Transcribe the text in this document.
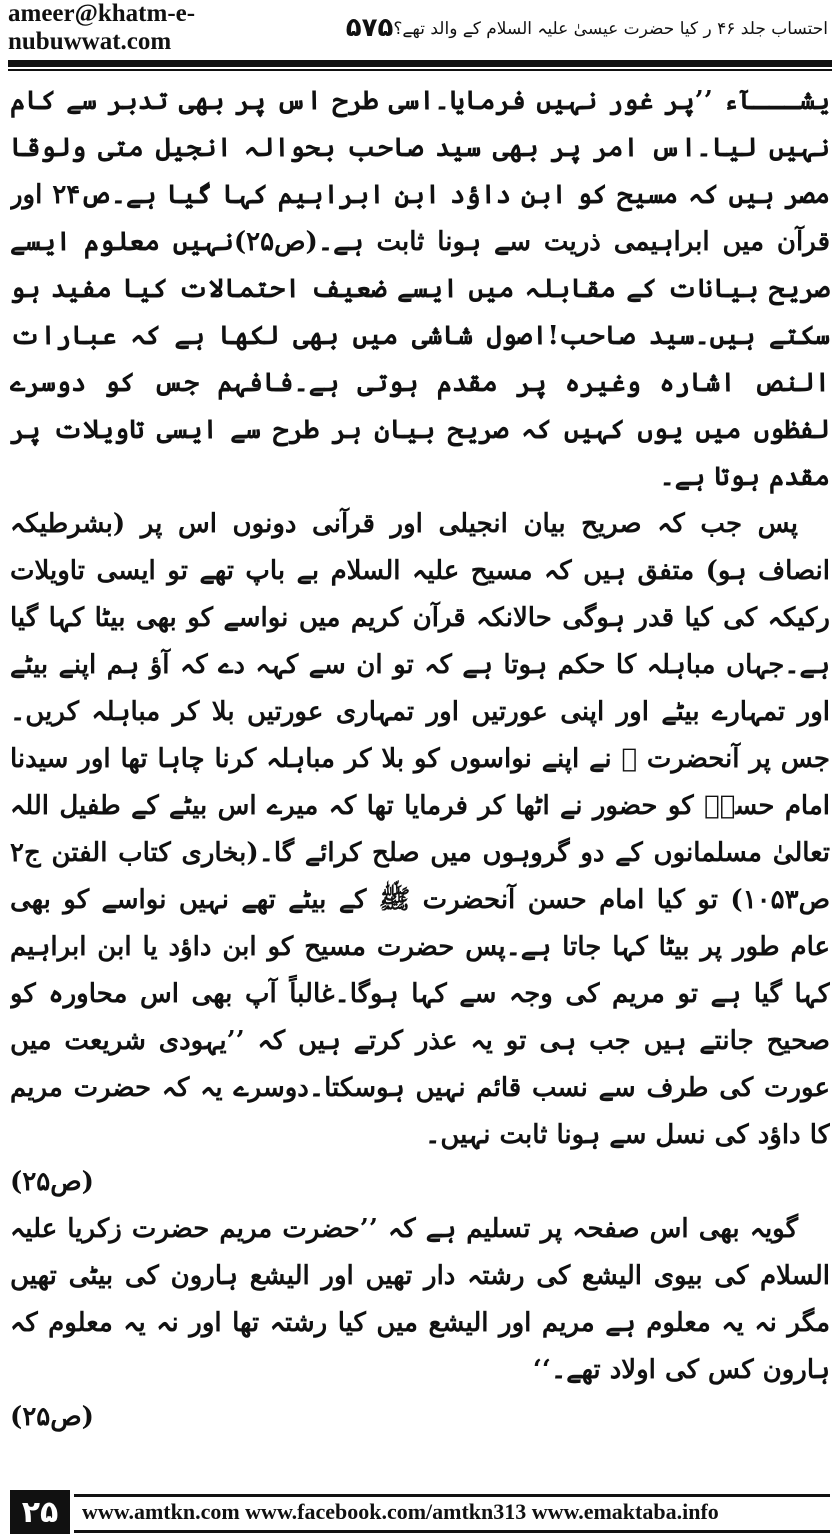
ameer@khatm-e-nubuwwat.com	۵۷۵ احتساب جلد ۴۶ ر کیا حضرت عیسیٰ علیہ السلام کے والد تھے؟

یشـــآء ’’پر غور نہیں فرمایا۔اسی طرح اس پر بھی تدبر سے کام نہیں لیا۔اس امر پر بھی سید صاحب بحوالہ انجیل متی ولوقا مصر ہیں کہ مسیح کو ابن داؤد ابن ابراہیم کہا گیا ہے۔ص۲۴ اور قرآن میں ابراہیمی ذریت سے ہونا ثابت ہے۔(ص۲۵)نہیں معلوم ایسے صریح بیانات کے مقابلہ میں ایسے ضعیف احتمالات کیا مفید ہو سکتے ہیں۔سید صاحب!اصول شاشی میں بھی لکھا ہے کہ عبارات النص اشارہ وغیرہ پر مقدم ہوتی ہے۔فافہم جس کو دوسرے لفظوں میں یوں کہیں کہ صریح بیان ہر طرح سے ایسی تاویلات پر مقدم ہوتا ہے۔

پس جب کہ صریح بیان انجیلی اور قرآنی دونوں اس پر (بشرطیکہ انصاف ہو) متفق ہیں کہ مسیح علیہ السلام بے باپ تھے تو ایسی تاویلات رکیکہ کی کیا قدر ہوگی حالانکہ قرآن کریم میں نواسے کو بھی بیٹا کہا گیا ہے۔جہاں مباہلہ کا حکم ہوتا ہے کہ تو ان سے کہہ دے کہ آؤ ہم اپنے بیٹے اور تمہارے بیٹے اور اپنی عورتیں اور تمہاری عورتیں بلا کر مباہلہ کریں۔جس پر آنحضرت ﷺ نے اپنے نواسوں کو بلا کر مباہلہ کرنا چاہا تھا اور سیدنا امام حسنؓ کو حضور نے اٹھا کر فرمایا تھا کہ میرے اس بیٹے کے طفیل اللہ تعالیٰ مسلمانوں کے دو گروہوں میں صلح کرائے گا۔(بخاری کتاب الفتن ج۲ ص۱۰۵۳) تو کیا امام حسن آنحضرت ﷺ کے بیٹے تھے نہیں نواسے کو بھی عام طور پر بیٹا کہا جاتا ہے۔پس حضرت مسیح کو ابن داؤد یا ابن ابراہیم کہا گیا ہے تو مریم کی وجہ سے کہا ہوگا۔غالباً آپ بھی اس محاورہ کو صحیح جانتے ہیں جب ہی تو یہ عذر کرتے ہیں کہ ’’یہودی شریعت میں عورت کی طرف سے نسب قائم نہیں ہوسکتا۔دوسرے یہ کہ حضرت مریم کا داؤد کی نسل سے ہونا ثابت نہیں۔

(ص۲۵)

گویہ بھی اس صفحہ پر تسلیم ہے کہ ’’حضرت مریم حضرت زکریا علیہ السلام کی بیوی الیشع کی رشتہ دار تھیں اور الیشع ہارون کی بیٹی تھیں مگر نہ یہ معلوم ہے مریم اور الیشع میں کیا رشتہ تھا اور نہ یہ معلوم کہ ہارون کس کی اولاد تھے۔‘‘

(ص۲۵)

۲۵	www.amtkn.com www.facebook.com/amtkn313 www.emaktaba.info
